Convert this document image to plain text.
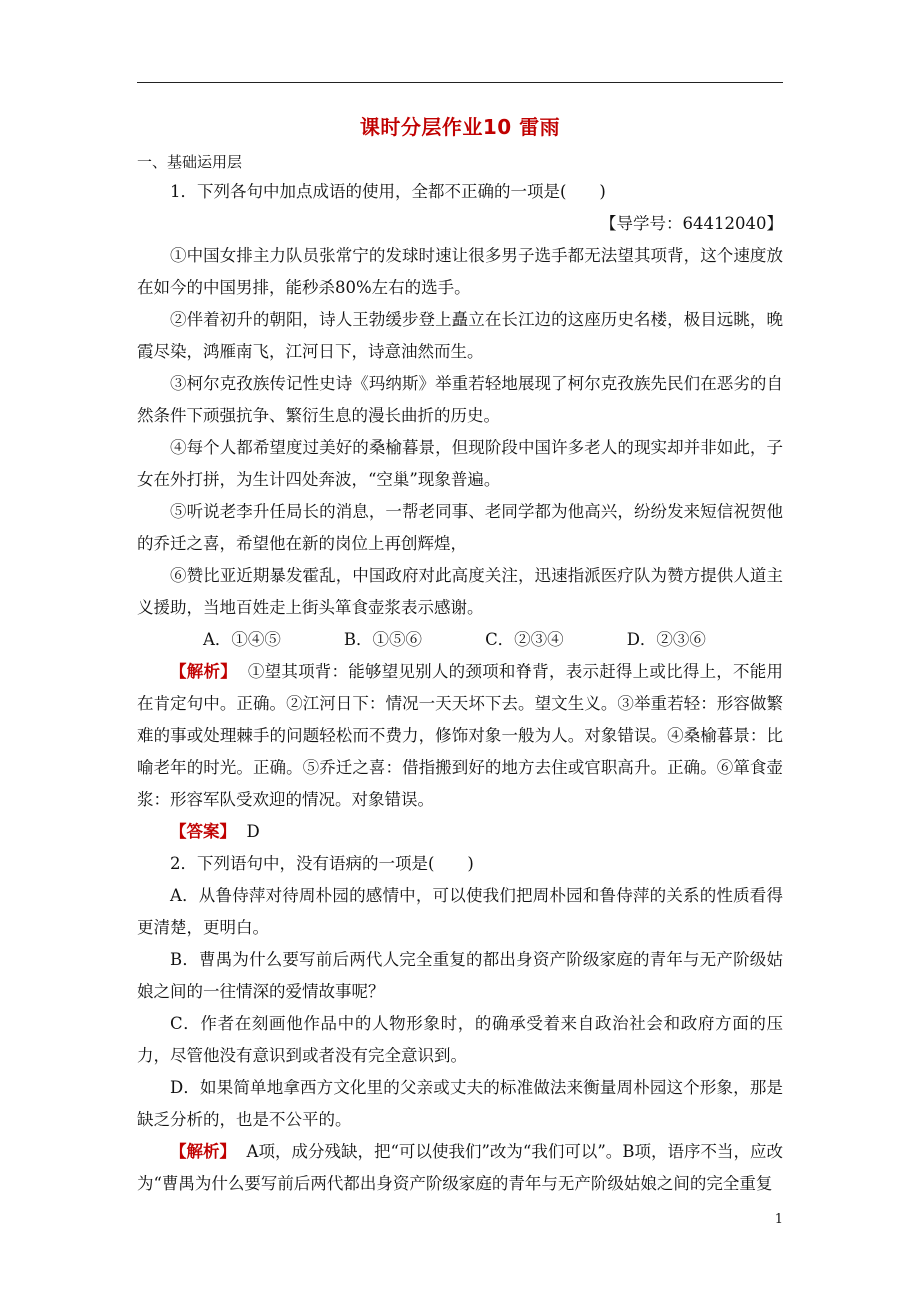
课时分层作业10 雷雨

一、基础运用层

1．下列各句中加点成语的使用，全都不正确的一项是(　　)

【导学号：64412040】

①中国女排主力队员张常宁的发球时速让很多男子选手都无法望其项背，这个速度放在如今的中国男排，能秒杀80%左右的选手。

②伴着初升的朝阳，诗人王勃缓步登上矗立在长江边的这座历史名楼，极目远眺，晚霞尽染，鸿雁南飞，江河日下，诗意油然而生。

③柯尔克孜族传记性史诗《玛纳斯》举重若轻地展现了柯尔克孜族先民们在恶劣的自然条件下顽强抗争、繁衍生息的漫长曲折的历史。

④每个人都希望度过美好的桑榆暮景，但现阶段中国许多老人的现实却并非如此，子女在外打拼，为生计四处奔波，“空巢”现象普遍。

⑤听说老李升任局长的消息，一帮老同事、老同学都为他高兴，纷纷发来短信祝贺他的乔迁之喜，希望他在新的岗位上再创辉煌，

⑥赞比亚近期暴发霍乱，中国政府对此高度关注，迅速指派医疗队为赞方提供人道主义援助，当地百姓走上街头箪食壶浆表示感谢。

A．①④⑤	B．①⑤⑥	C．②③④	D．②③⑥

【解析】 ①望其项背：能够望见别人的颈项和脊背，表示赶得上或比得上，不能用在肯定句中。正确。②江河日下：情况一天天坏下去。望文生义。③举重若轻：形容做繁难的事或处理棘手的问题轻松而不费力，修饰对象一般为人。对象错误。④桑榆暮景：比喻老年的时光。正确。⑤乔迁之喜：借指搬到好的地方去住或官职高升。正确。⑥箪食壶浆：形容军队受欢迎的情况。对象错误。

【答案】 D

2．下列语句中，没有语病的一项是(　　)

A．从鲁侍萍对待周朴园的感情中，可以使我们把周朴园和鲁侍萍的关系的性质看得更清楚，更明白。

B．曹禺为什么要写前后两代人完全重复的都出身资产阶级家庭的青年与无产阶级姑娘之间的一往情深的爱情故事呢？

C．作者在刻画他作品中的人物形象时，的确承受着来自政治社会和政府方面的压力，尽管他没有意识到或者没有完全意识到。

D．如果简单地拿西方文化里的父亲或丈夫的标准做法来衡量周朴园这个形象，那是缺乏分析的，也是不公平的。

【解析】 A项，成分残缺，把“可以使我们”改为“我们可以”。B项，语序不当，应改为“曹禺为什么要写前后两代都出身资产阶级家庭的青年与无产阶级姑娘之间的完全重复

1
